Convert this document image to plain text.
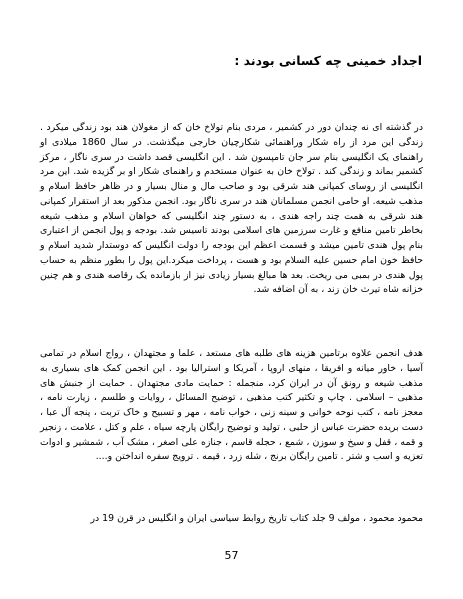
اجداد خمینی چه کسانی بودند :
در گذشته ای نه چندان دور در کشمیر ، مردی بنام تولاخ خان که از مغولان هند بود زندگی میکرد . زندگی این مرد از راه شکار وراهنمائی شکارچیان خارجی میگذشت. در سال 1860 میلادی او راهنمای یک انگلیسی بنام سر جان تامپسون شد . این انگلیسی قصد داشت در سری ناگار ، مرکز کشمیر بماند و زندگی کند . تولاخ خان به عنوان مستخدم و راهنمای شکار او بر گزیده شد. این مرد انگلیسی از روسای کمپانی هند شرقی بود و صاحب مال و منال بسیار و در ظاهر حافظ اسلام و مذهب شیعه. او حامی انجمن مسلمانان هند در سری ناگار بود. انجمن مذکور بعد از استقرار کمپانی هند شرقی به همت چند راجه هندی ، به دستور چند انگلیسی که خواهان اسلام و مذهب شیعه بخاطر تامین منافع و غارت سرزمین های اسلامی بودند تاسیس شد. بودجه و پول انجمن از اعتباری بنام پول هندی تامین میشد و قسمت اعظم این بودجه را دولت انگلیس که دوستدار شدید اسلام و حافظ خون امام حسین علیه السلام بود و هست ، پرداخت میکرد.این پول را بطور منظم به حساب پول هندی در بمبی می ریخت. بعد ها مبالغ بسیار زیادی نیز از بازمانده یک رقاصه هندی و هم چنین خزانه شاه تیرث خان زند ، به آن اضافه شد.
هدف انجمن علاوه برتامین هزینه های طلبه های مستعد ، علما و مجتهدان ، رواج اسلام در تمامی آسیا ، خاور میانه و افریقا ، منهای اروپا ، آمریکا و استرالیا بود . این انجمن کمک های بسیاری به مذهب شیعه و رونق آن در ایران کرد، منجمله : حمایت مادی مجتهدان . حمایت از جنبش های مذهبی – اسلامی . چاپ و تکثیر کتب مذهبی ، توضیح المسائل ، روایات و طلسم ، زیارت نامه ، معجز نامه ، کتب نوحه خوانی و سینه زنی ، خواب نامه ، مهر و تسبیح و خاک تربت ، پنجه آل عبا ، دست بریده حضرت عباس از حلبی ، تولید و توضیح رایگان پارچه سیاه ، علم و کتل ، علامت ، زنجیر و قمه ، قفل و سیخ و سوزن ، شمع ، حجله قاسم ، جنازه علی اصغر ، مشک آب ، شمشیر و ادوات تعزیه و اسب و شتر . تامین رایگان برنج ، شله زرد ، قیمه . ترویج سفره انداختن و....
محمود محمود ، مولف 9 جلد کتاب تاریخ روابط سیاسی ایران و انگلیس در قرن 19 در
57
